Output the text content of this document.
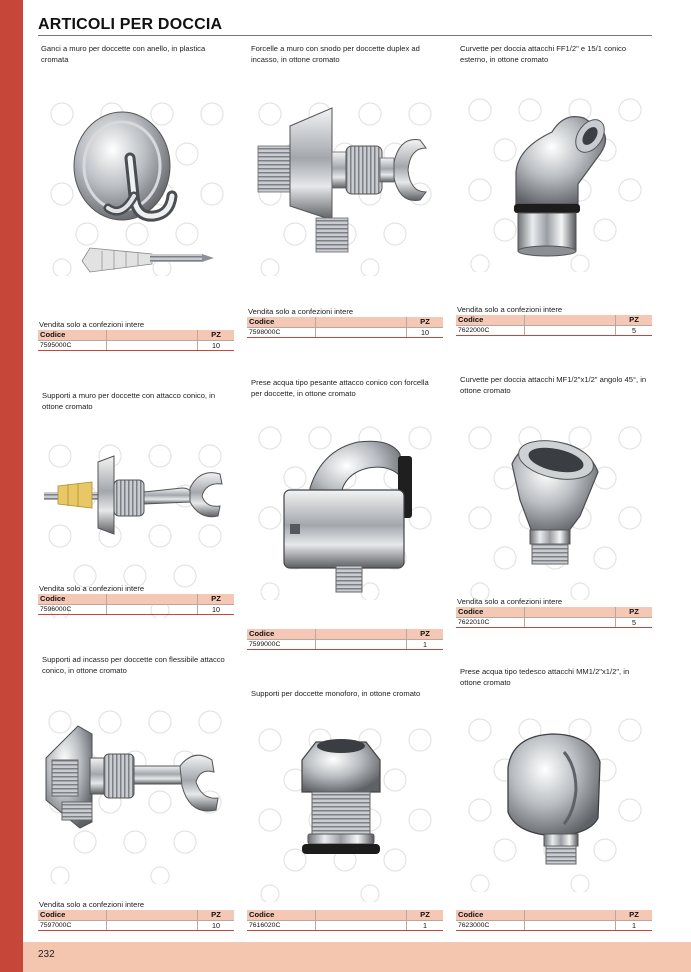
232
ARTICOLI PER DOCCIA
Ganci a muro per doccette con anello, in plastica cromata
Vendita solo a confezioni intere
Codice	PZ
7595000C	10
Forcelle a muro con snodo per doccette duplex ad incasso, in ottone cromato
Vendita solo a confezioni intere
Codice	PZ
7598000C	10
Curvette per doccia attacchi FF1/2" e 15/1 conico esterno, in ottone cromato
Vendita solo a confezioni intere
Codice	PZ
7622000C	5
Supporti a muro per doccette con attacco conico, in ottone cromato
Vendita solo a confezioni intere
Codice	PZ
7596000C	10
Prese acqua tipo pesante attacco conico con forcella per doccette, in ottone cromato
Codice	PZ
7599000C	1
Curvette per doccia attacchi MF1/2"x1/2" angolo 45°, in ottone cromato
Vendita solo a confezioni intere
Codice	PZ
7622010C	5
Supporti ad incasso per doccette con flessibile attacco conico, in ottone cromato
Vendita solo a confezioni intere
Codice	PZ
7597000C	10
Supporti per doccette monoforo, in ottone cromato
Codice	PZ
7616020C	1
Prese acqua tipo tedesco attacchi MM1/2"x1/2", in ottone cromato
Codice	PZ
7623000C	1
